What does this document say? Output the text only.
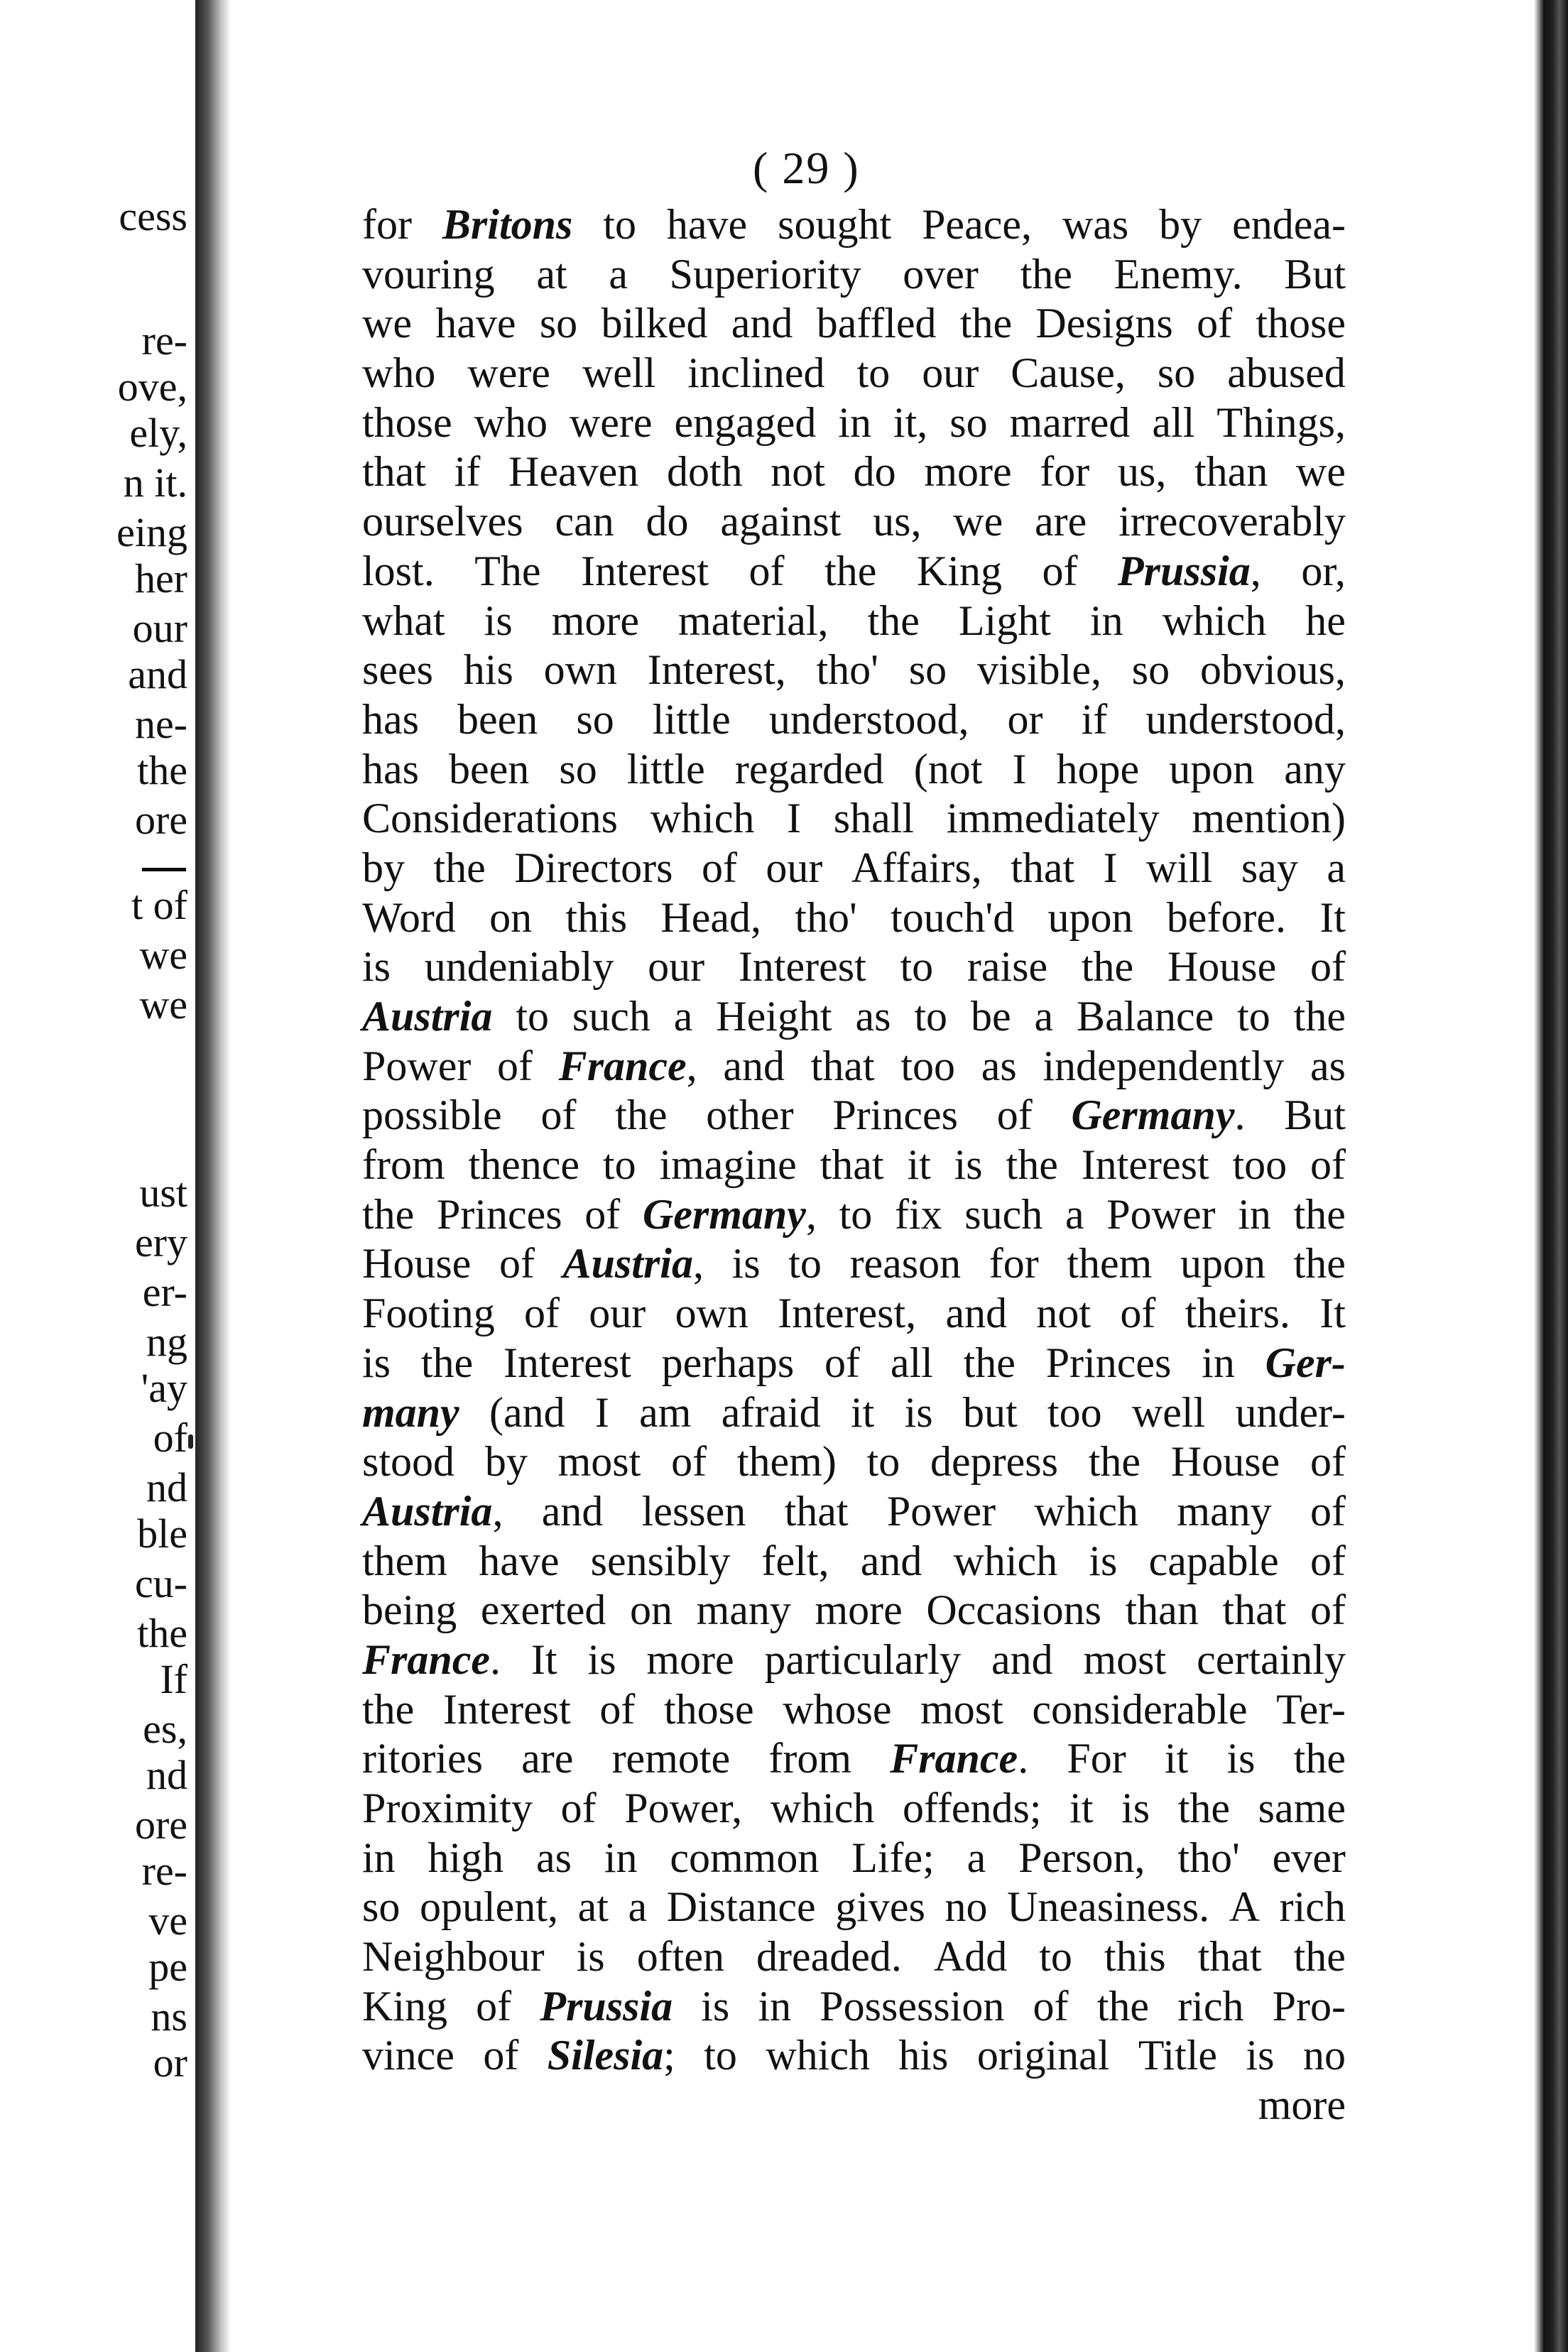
cess
re-
ove,
ely,
n it.
eing
her
our
and
ne-
the
ore
t of
we
we
ust
ery
er-
ng
'ay
of
nd
ble
cu-
the
If
es,
nd
ore
re-
ve
pe
ns
or
( 29 )
for Britons to have sought Peace, was by endea-
vouring at a Superiority over the Enemy. But
we have so bilked and baffled the Designs of those
who were well inclined to our Cause, so abused
those who were engaged in it, so marred all Things,
that if Heaven doth not do more for us, than we
ourselves can do against us, we are irrecoverably
lost. The Interest of the King of Prussia, or,
what is more material, the Light in which he
sees his own Interest, tho' so visible, so obvious,
has been so little understood, or if understood,
has been so little regarded (not I hope upon any
Considerations which I shall immediately mention)
by the Directors of our Affairs, that I will say a
Word on this Head, tho' touch'd upon before. It
is undeniably our Interest to raise the House of
Austria to such a Height as to be a Balance to the
Power of France, and that too as independently as
possible of the other Princes of Germany. But
from thence to imagine that it is the Interest too of
the Princes of Germany, to fix such a Power in the
House of Austria, is to reason for them upon the
Footing of our own Interest, and not of theirs. It
is the Interest perhaps of all the Princes in Ger-
many (and I am afraid it is but too well under-
stood by most of them) to depress the House of
Austria, and lessen that Power which many of
them have sensibly felt, and which is capable of
being exerted on many more Occasions than that of
France. It is more particularly and most certainly
the Interest of those whose most considerable Ter-
ritories are remote from France. For it is the
Proximity of Power, which offends; it is the same
in high as in common Life; a Person, tho' ever
so opulent, at a Distance gives no Uneasiness. A rich
Neighbour is often dreaded. Add to this that the
King of Prussia is in Possession of the rich Pro-
vince of Silesia; to which his original Title is no
more
